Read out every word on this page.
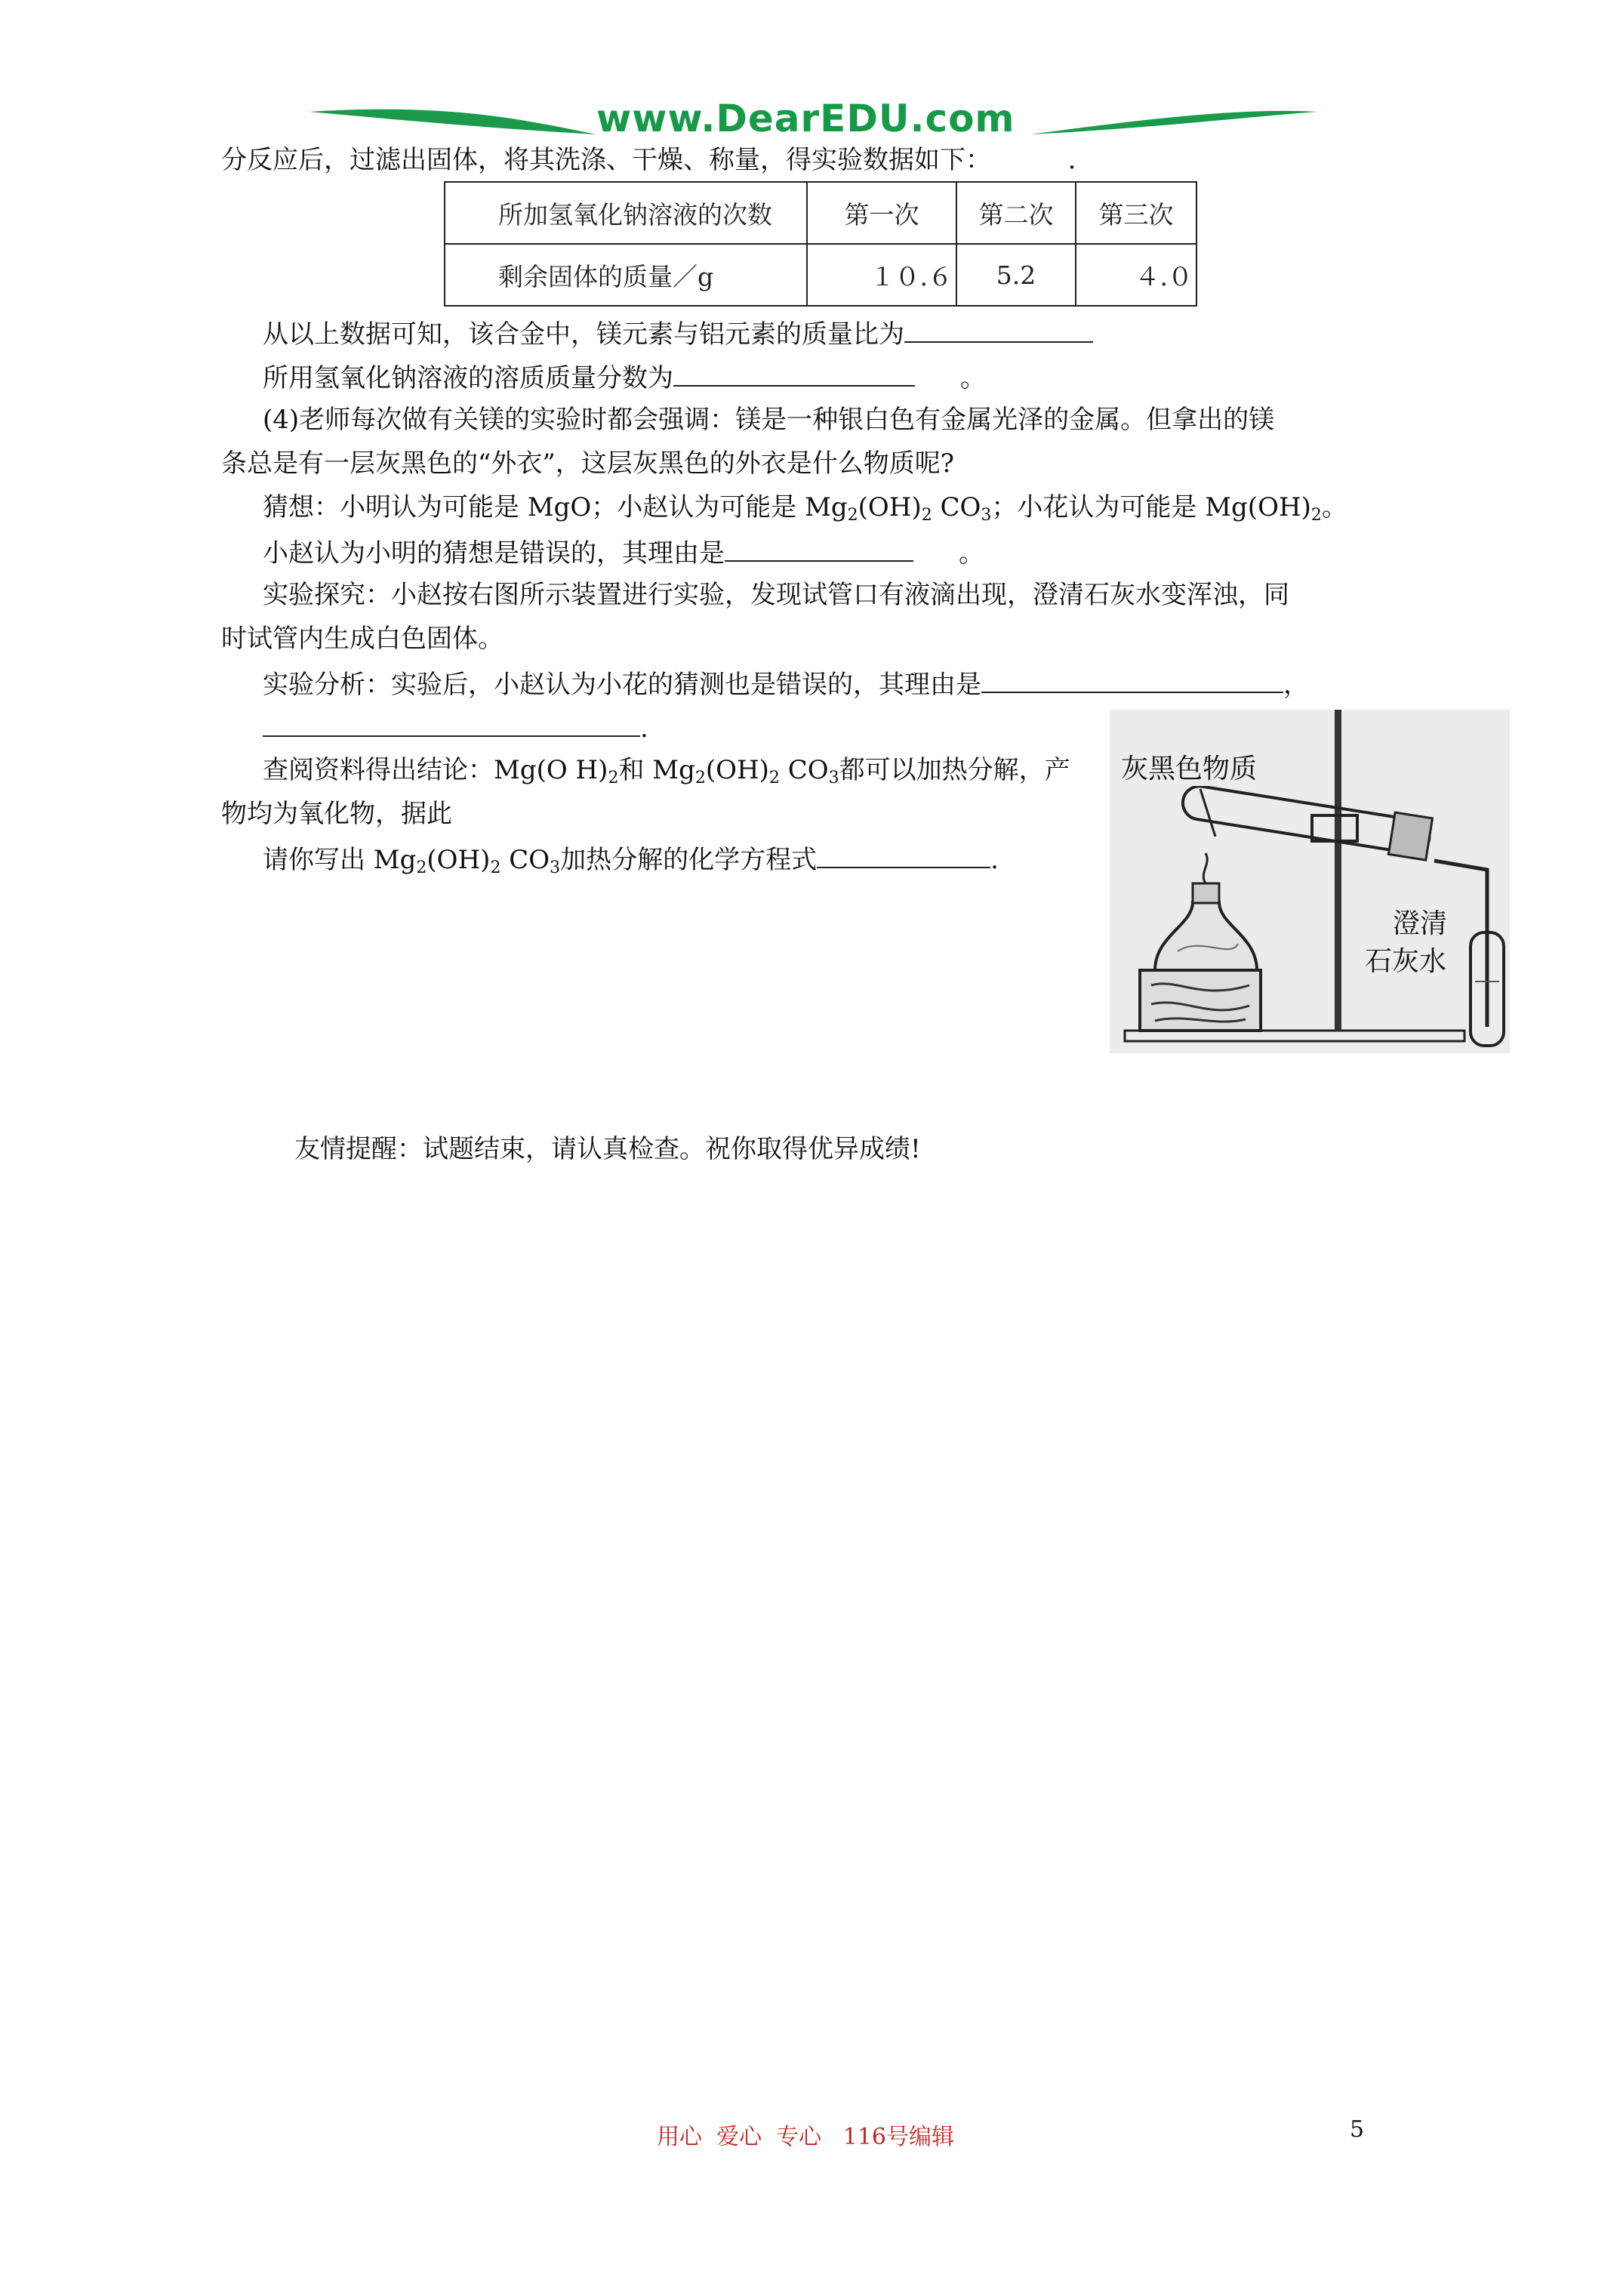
www.DearEDU.com
分反应后，过滤出固体，将其洗涤、干燥、称量，得实验数据如下：	.
所加氢氧化钠溶液的次数	第一次	第二次	第三次
剩余固体的质量／g	１０.６	5.2	４.０
从以上数据可知，该合金中，镁元素与铝元素的质量比为
所用氢氧化钠溶液的溶质质量分数为	。
(4)老师每次做有关镁的实验时都会强调：镁是一种银白色有金属光泽的金属。但拿出的镁
条总是有一层灰黑色的“外衣”，这层灰黑色的外衣是什么物质呢?
猜想：小明认为可能是 MgO；小赵认为可能是 $Mg_2(OH)_2$ $CO_3$；小花认为可能是 $Mg(OH)_2$。
小赵认为小明的猜想是错误的，其理由是	。
实验探究：小赵按右图所示装置进行实验，发现试管口有液滴出现，澄清石灰水变浑浊，同
时试管内生成白色固体。
实验分析：实验后，小赵认为小花的猜测也是错误的，其理由是	，
.
查阅资料得出结论：Mg(O $H)_2$和 $Mg_2(OH)_2$ $CO_3$都可以加热分解，产
物均为氧化物，据此
请你写出 $Mg_2(OH)_2$ $CO_3$加热分解的化学方程式	.
灰黑色物质
澄清
石灰水
友情提醒：试题结束，请认真检查。祝你取得优异成绩!
用心  爱心  专心   116号编辑	5
